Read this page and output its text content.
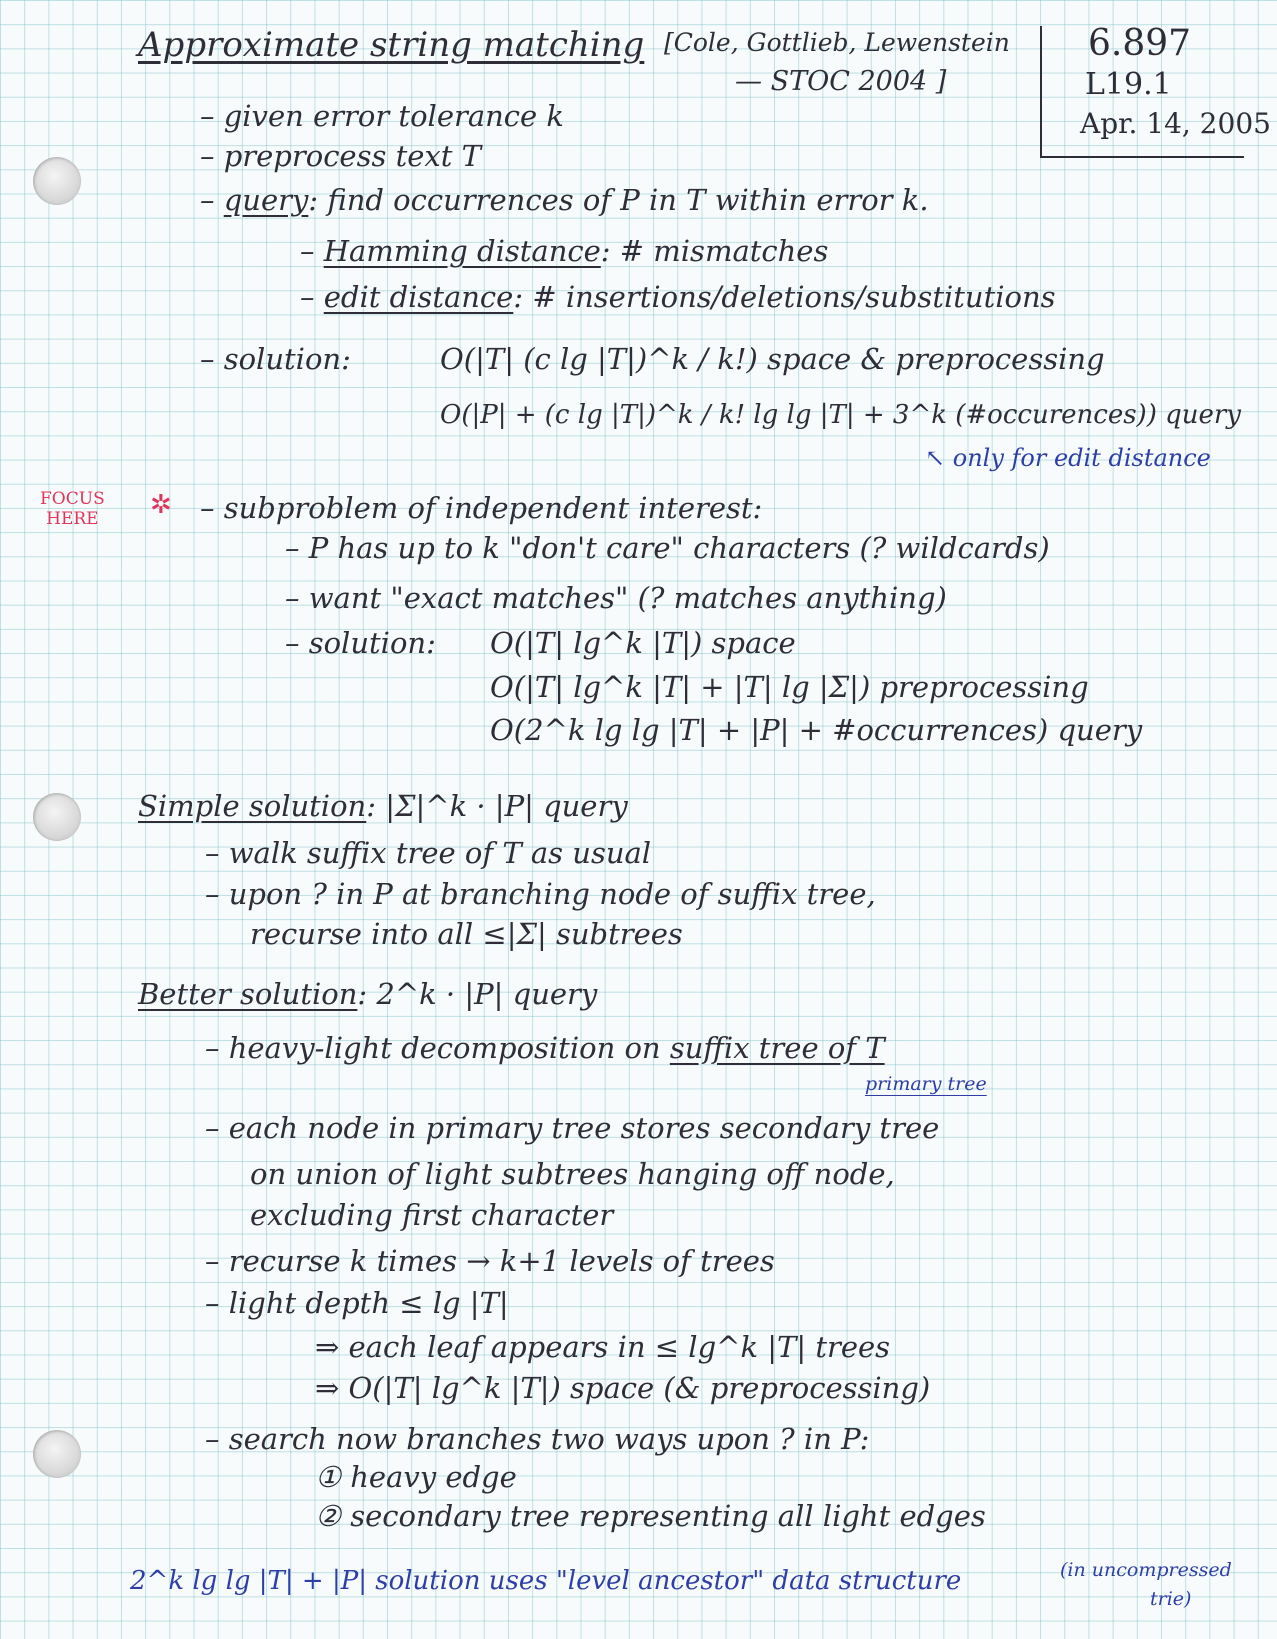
Approximate string matching [Cole, Gottlieb, Lewenstein
— STOC 2004 ]
6.897
L19.1
Apr. 14, 2005
– given error tolerance k
– preprocess text T
– query: find occurrences of P in T within error k.
– Hamming distance: # mismatches
– edit distance: # insertions/deletions/substitutions
– solution:	O(|T| (c lg |T|)^k / k!) space & preprocessing
O(|P| + (c lg |T|)^k / k! lg lg |T| + 3^k (#occurences)) query
↖ only for edit distance
FOCUS
HERE ✲ – subproblem of independent interest:
– P has up to k "don't care" characters (? wildcards)
– want "exact matches" (? matches anything)
– solution: O(|T| lg^k |T|) space
O(|T| lg^k |T| + |T| lg |Σ|) preprocessing
O(2^k lg lg |T| + |P| + #occurrences) query
Simple solution: |Σ|^k · |P| query
– walk suffix tree of T as usual
– upon ? in P at branching node of suffix tree,
recurse into all ≤|Σ| subtrees
Better solution: 2^k · |P| query
– heavy-light decomposition on suffix tree of T
primary tree
– each node in primary tree stores secondary tree
on union of light subtrees hanging off node,
excluding first character
– recurse k times → k+1 levels of trees
– light depth ≤ lg |T|
⇒ each leaf appears in ≤ lg^k |T| trees
⇒ O(|T| lg^k |T|) space (& preprocessing)
– search now branches two ways upon ? in P:
① heavy edge
② secondary tree representing all light edges
2^k lg lg |T| + |P| solution uses "level ancestor" data structure	(in uncompressed
trie)
